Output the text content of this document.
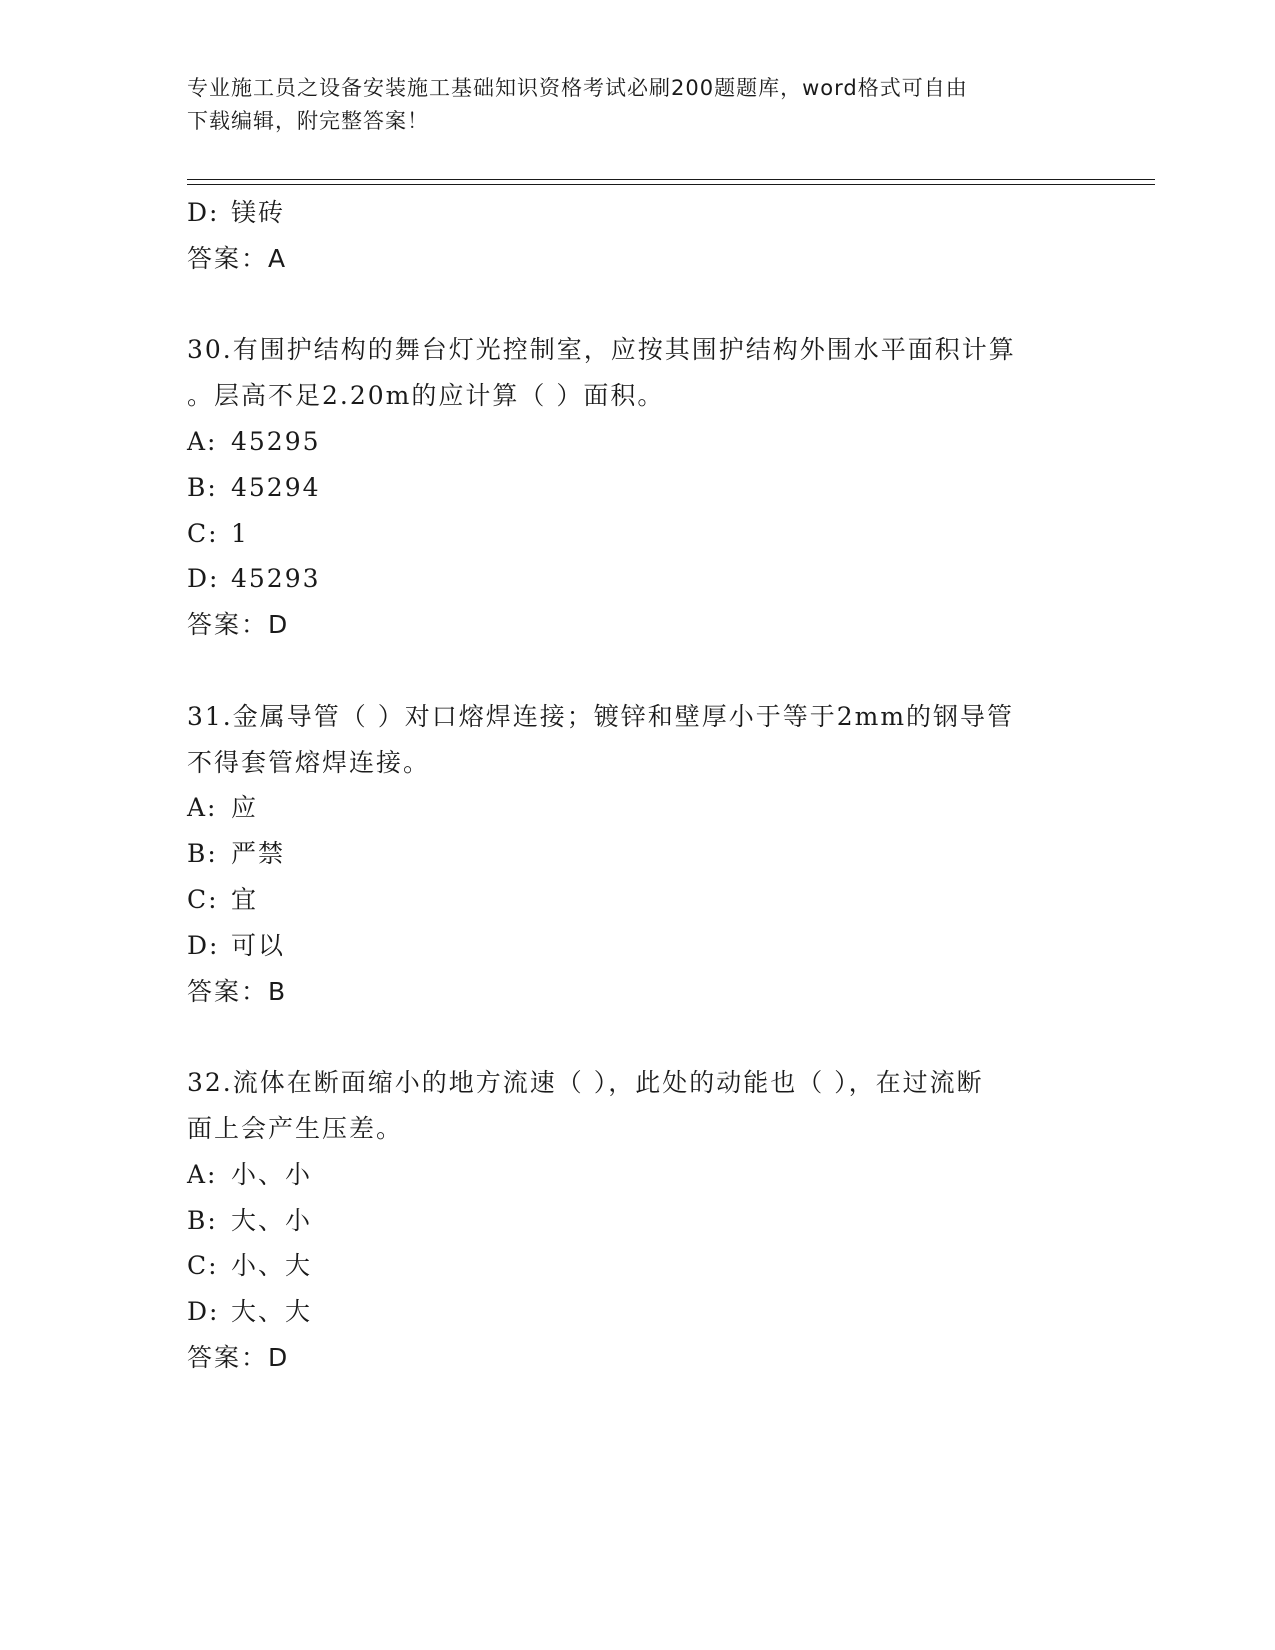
专业施工员之设备安装施工基础知识资格考试必刷200题题库，word格式可自由
下载编辑，附完整答案！
D: 镁砖
答案：A
30.有围护结构的舞台灯光控制室，应按其围护结构外围水平面积计算
。层高不足2.20m的应计算（ ）面积。
A: 45295
B: 45294
C: 1
D: 45293
答案：D
31.金属导管（ ）对口熔焊连接；镀锌和壁厚小于等于2mm的钢导管
不得套管熔焊连接。
A: 应
B: 严禁
C: 宜
D: 可以
答案：B
32.流体在断面缩小的地方流速（ ），此处的动能也（ ），在过流断
面上会产生压差。
A: 小、小
B: 大、小
C: 小、大
D: 大、大
答案：D
